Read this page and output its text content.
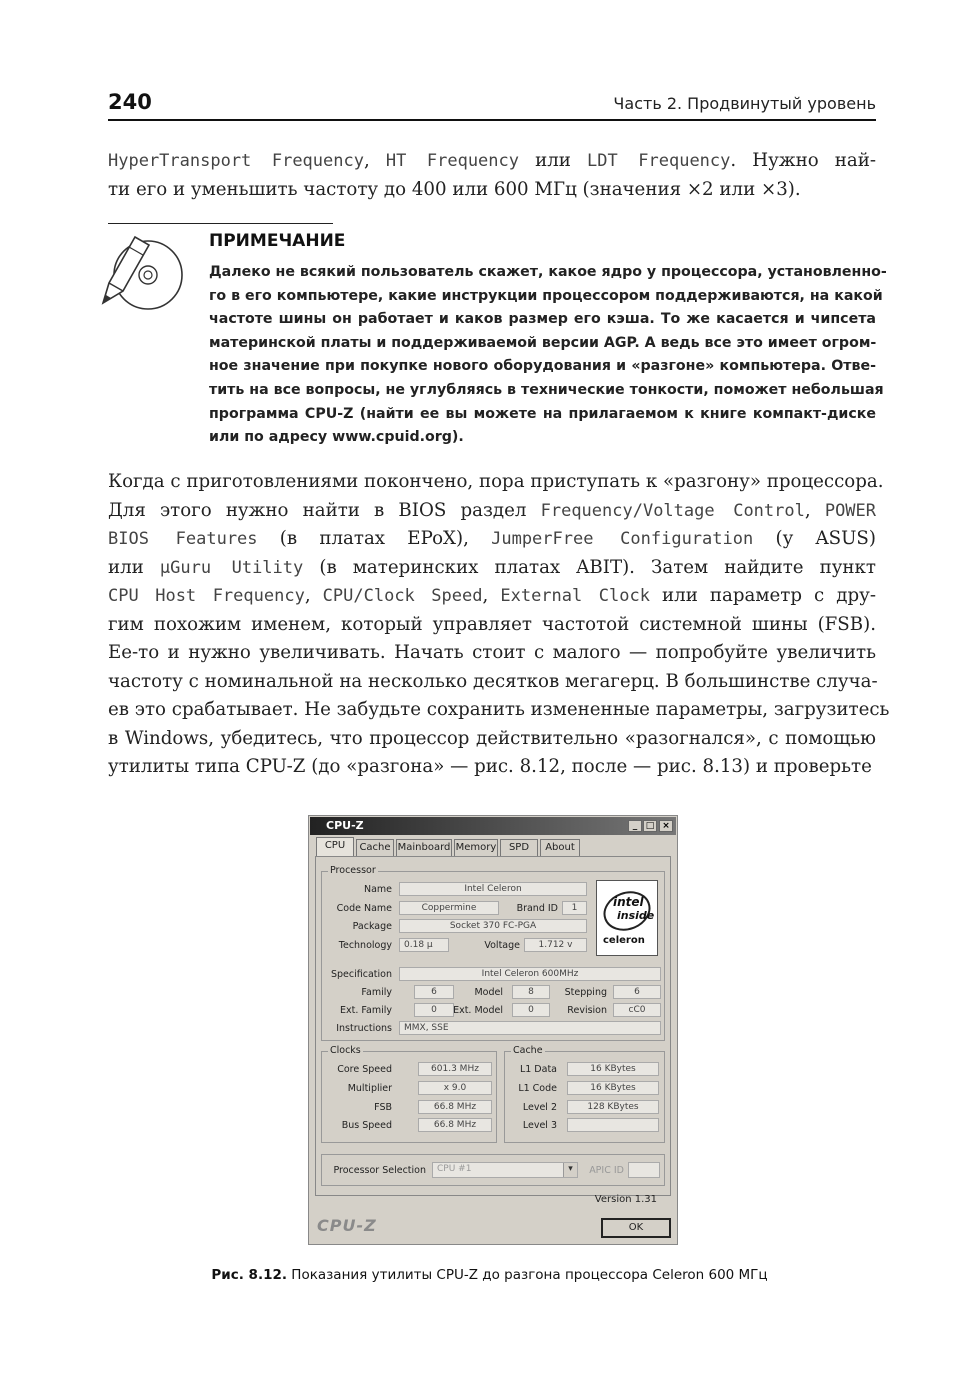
240	Часть 2. Продвинутый уровень
HyperTransport Frequency, HT Frequency или LDT Frequency. Нужно най-
ти его и уменьшить частоту до 400 или 600 МГц (значения ×2 или ×3).
ПРИМЕЧАНИЕ
Далеко не всякий пользователь скажет, какое ядро у процессора, установленно-
го в его компьютере, какие инструкции процессором поддерживаются, на какой
частоте шины он работает и каков размер его кэша. То же касается и чипсета
материнской платы и поддерживаемой версии AGP. А ведь все это имеет огром-
ное значение при покупке нового оборудования и «разгоне» компьютера. Отве-
тить на все вопросы, не углубляясь в технические тонкости, поможет небольшая
программа CPU-Z (найти ее вы можете на прилагаемом к книге компакт-диске
или по адресу www.cpuid.org).
Когда с приготовлениями покончено, пора приступать к «разгону» процессора.
Для этого нужно найти в BIOS раздел Frequency/Voltage Control, POWER
BIOS Features (в платах EPoX), JumperFree Configuration (у ASUS)
или µGuru Utility (в материнских платах ABIT). Затем найдите пункт
CPU Host Frequency, CPU/Clock Speed, External Clock или параметр с дру-
гим похожим именем, который управляет частотой системной шины (FSB).
Ее-то и нужно увеличивать. Начать стоит с малого — попробуйте увеличить
частоту с номинальной на несколько десятков мегагерц. В большинстве случа-
ев это срабатывает. Не забудьте сохранить измененные параметры, загрузитесь
в Windows, убедитесь, что процессор действительно «разогнался», с помощью
утилиты типа CPU-Z (до «разгона» — рис. 8.12, после — рис. 8.13) и проверьте
CPU-Z	_ □ ×
CPU	Cache Mainboard Memory	SPD	About
Processor
Name	Intel Celeron
Code Name	Coppermine	Brand ID	1
Package	Socket 370 FC-PGA
Technology	0.18 µ	Voltage	1.712 v
intel
inside
celeron
Specification	Intel Celeron 600MHz
Family	6	Model	8	Stepping	6
Ext. Family	0	Ext. Model	0	Revision	cC0
Instructions	MMX, SSE
Clocks
Core Speed	601.3 MHz
Multiplier	x 9.0
FSB	66.8 MHz
Bus Speed	66.8 MHz
Cache
L1 Data	16 KBytes
L1 Code	16 KBytes
Level 2	128 KBytes
Level 3
Processor Selection	CPU #1	▾	APIC ID
Version 1.31
CPU-Z	OK
Рис. 8.12. Показания утилиты CPU-Z до разгона процессора Celeron 600 МГц
